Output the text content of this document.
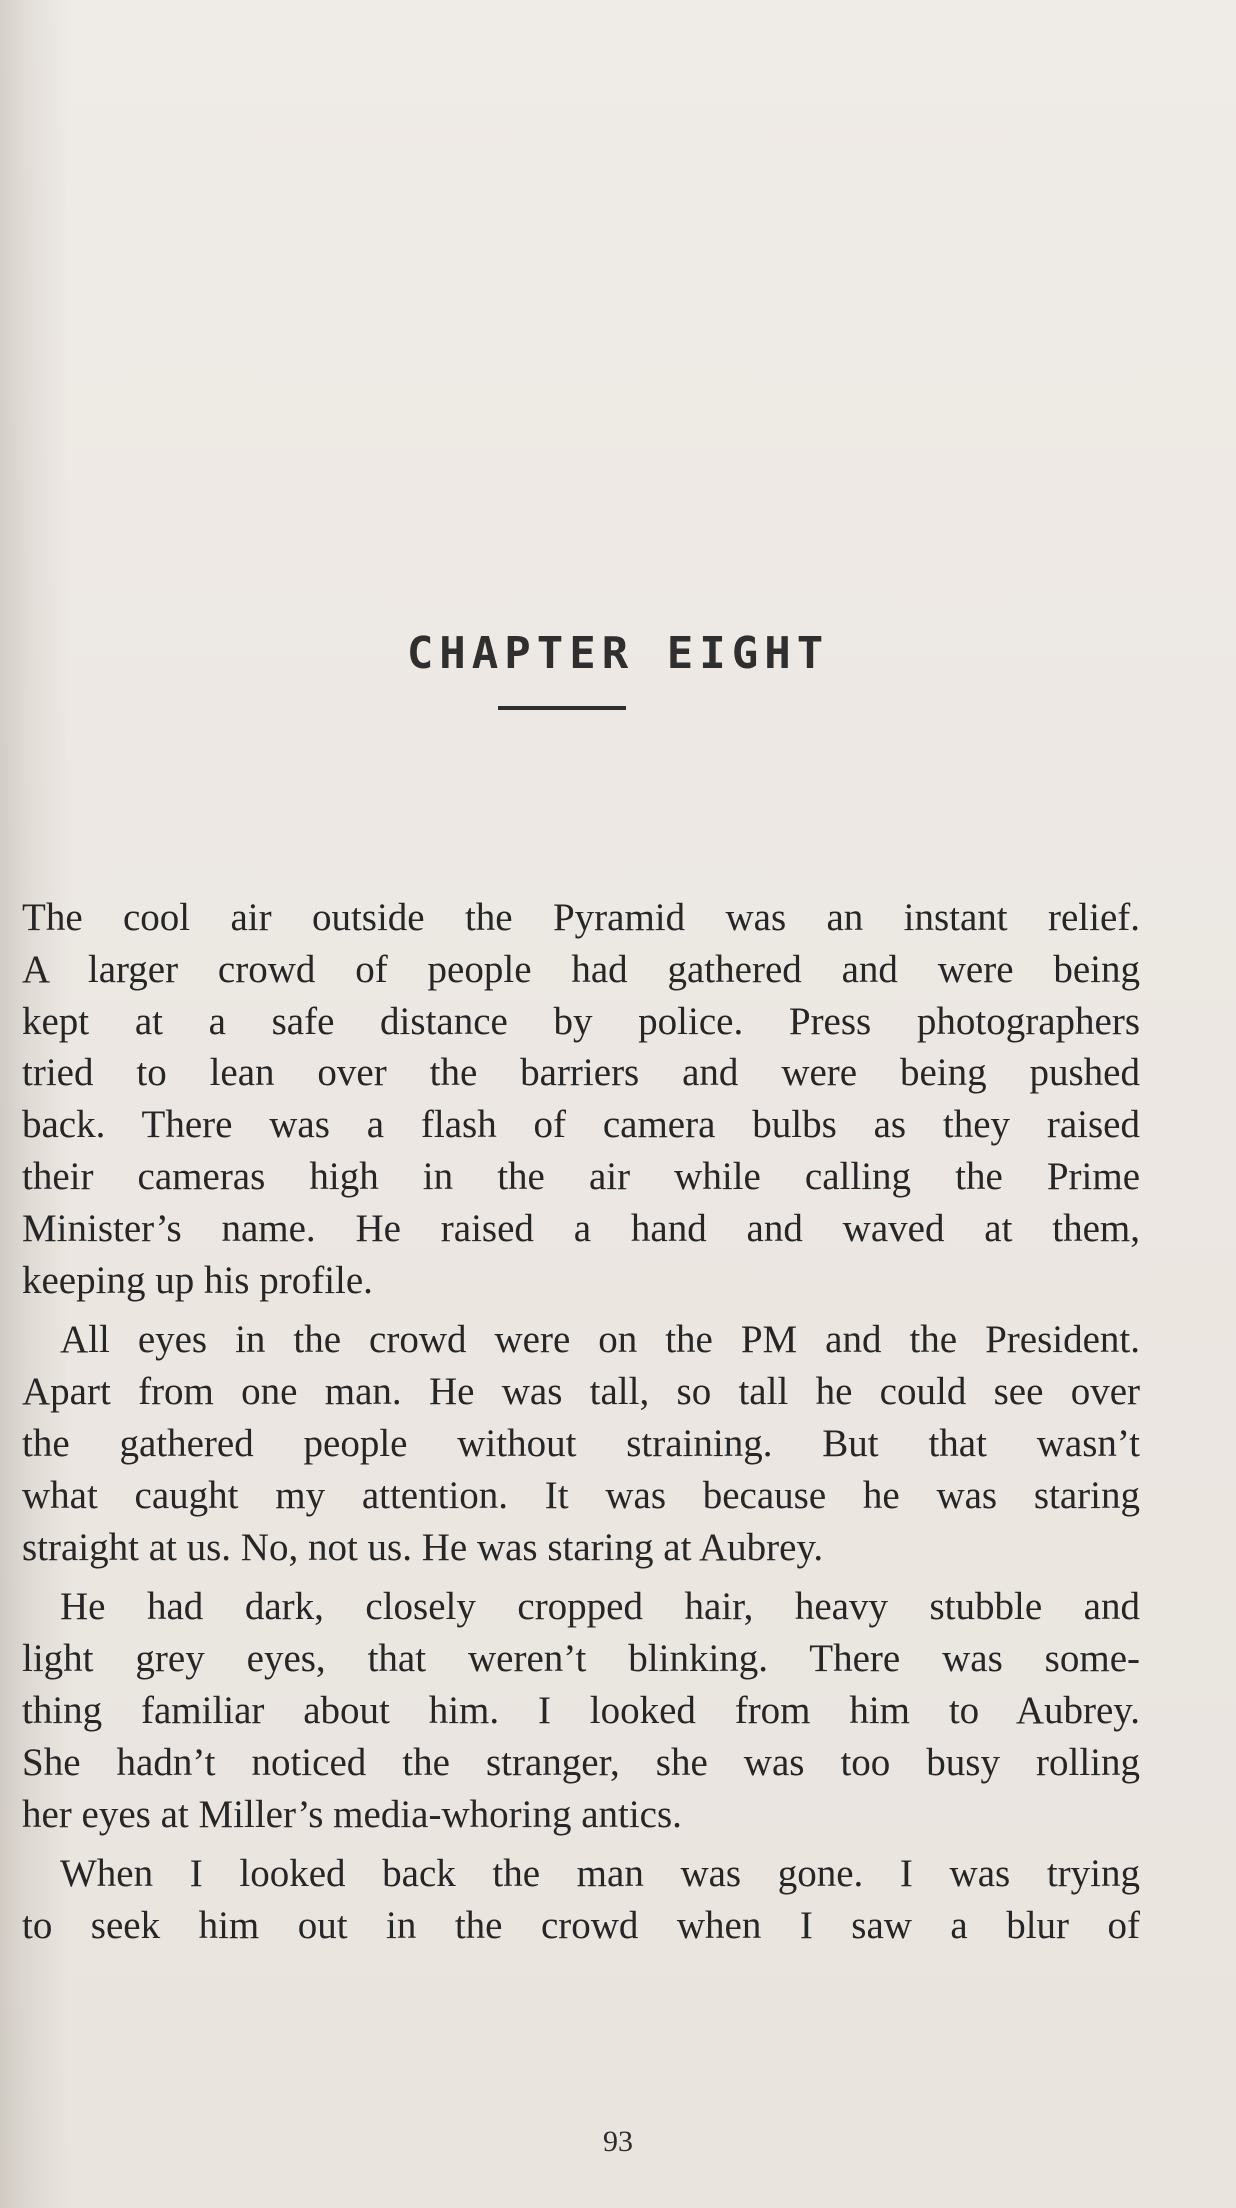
CHAPTER EIGHT

The cool air outside the Pyramid was an instant relief.
A larger crowd of people had gathered and were being
kept at a safe distance by police. Press photographers
tried to lean over the barriers and were being pushed
back. There was a flash of camera bulbs as they raised
their cameras high in the air while calling the Prime
Minister’s name. He raised a hand and waved at them,
keeping up his profile.

All eyes in the crowd were on the PM and the President.
Apart from one man. He was tall, so tall he could see over
the gathered people without straining. But that wasn’t
what caught my attention. It was because he was staring
straight at us. No, not us. He was staring at Aubrey.

He had dark, closely cropped hair, heavy stubble and
light grey eyes, that weren’t blinking. There was some-
thing familiar about him. I looked from him to Aubrey.
She hadn’t noticed the stranger, she was too busy rolling
her eyes at Miller’s media-whoring antics.

When I looked back the man was gone. I was trying
to seek him out in the crowd when I saw a blur of

93
